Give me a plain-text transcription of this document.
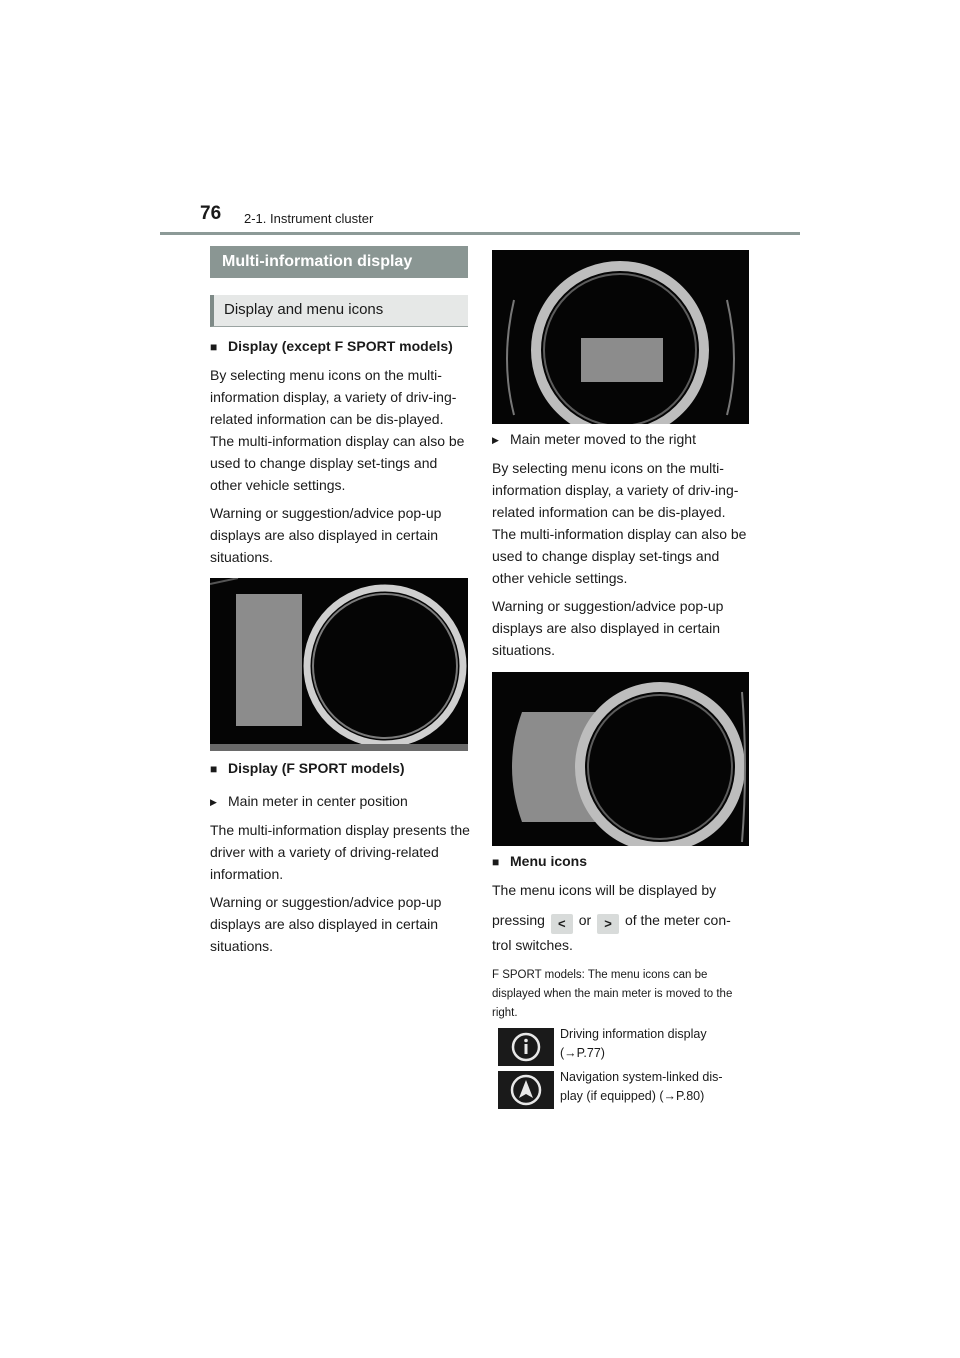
76 2-1. Instrument cluster
Multi-information display
Display and menu icons

■ Display (except F SPORT models)

By selecting menu icons on the multi-information display, a variety of driv-ing-related information can be dis-played. The multi-information display can also be used to change display set-tings and other vehicle settings.

Warning or suggestion/advice pop-up displays are also displayed in certain situations.

■ Display (F SPORT models)

▶ Main meter in center position

The multi-information display presents the driver with a variety of driving-related information.

Warning or suggestion/advice pop-up displays are also displayed in certain situations.

▶ Main meter moved to the right

By selecting menu icons on the multi-information display, a variety of driv-ing-related information can be dis-played. The multi-information display can also be used to change display set-tings and other vehicle settings.

Warning or suggestion/advice pop-up displays are also displayed in certain situations.

■ Menu icons

The menu icons will be displayed by

pressing < or > of the meter con-

trol switches.

F SPORT models: The menu icons can be displayed when the main meter is moved to the right.

Driving information display
(→P.77)
Navigation system-linked dis-
play (if equipped) (→P.80)
